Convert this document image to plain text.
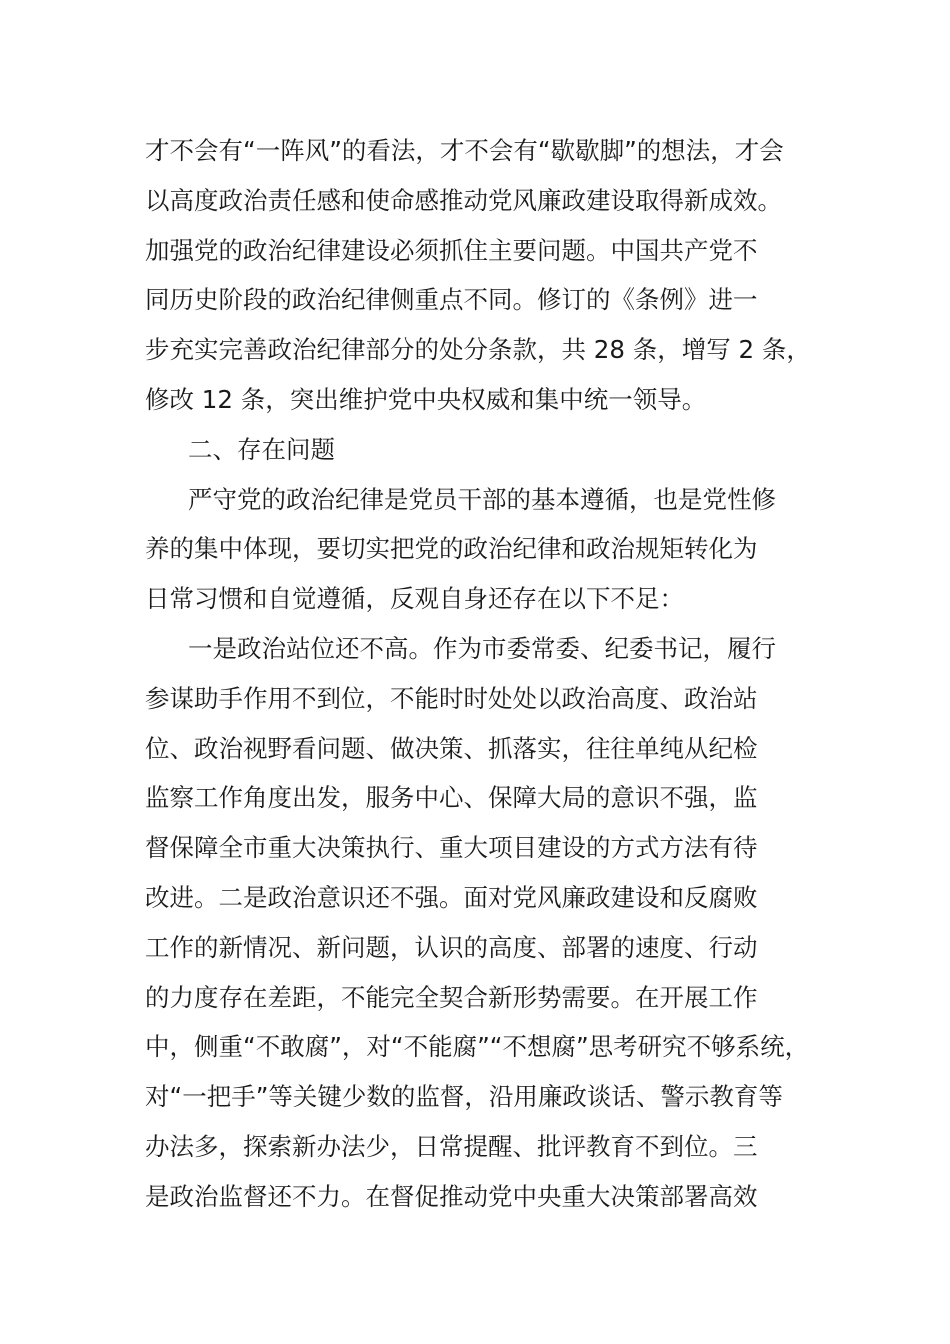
才不会有“一阵风”的看法，才不会有“歇歇脚”的想法，才会
以高度政治责任感和使命感推动党风廉政建设取得新成效。
加强党的政治纪律建设必须抓住主要问题。中国共产党不
同历史阶段的政治纪律侧重点不同。修订的《条例》进一
步充实完善政治纪律部分的处分条款，共 28 条，增写 2 条，
修改 12 条，突出维护党中央权威和集中统一领导。
二、存在问题
严守党的政治纪律是党员干部的基本遵循，也是党性修
养的集中体现，要切实把党的政治纪律和政治规矩转化为
日常习惯和自觉遵循，反观自身还存在以下不足：
一是政治站位还不高。作为市委常委、纪委书记，履行
参谋助手作用不到位，不能时时处处以政治高度、政治站
位、政治视野看问题、做决策、抓落实，往往单纯从纪检
监察工作角度出发，服务中心、保障大局的意识不强，监
督保障全市重大决策执行、重大项目建设的方式方法有待
改进。二是政治意识还不强。面对党风廉政建设和反腐败
工作的新情况、新问题，认识的高度、部署的速度、行动
的力度存在差距，不能完全契合新形势需要。在开展工作
中，侧重“不敢腐”，对“不能腐”“不想腐”思考研究不够系统，
对“一把手”等关键少数的监督，沿用廉政谈话、警示教育等
办法多，探索新办法少，日常提醒、批评教育不到位。三
是政治监督还不力。在督促推动党中央重大决策部署高效
